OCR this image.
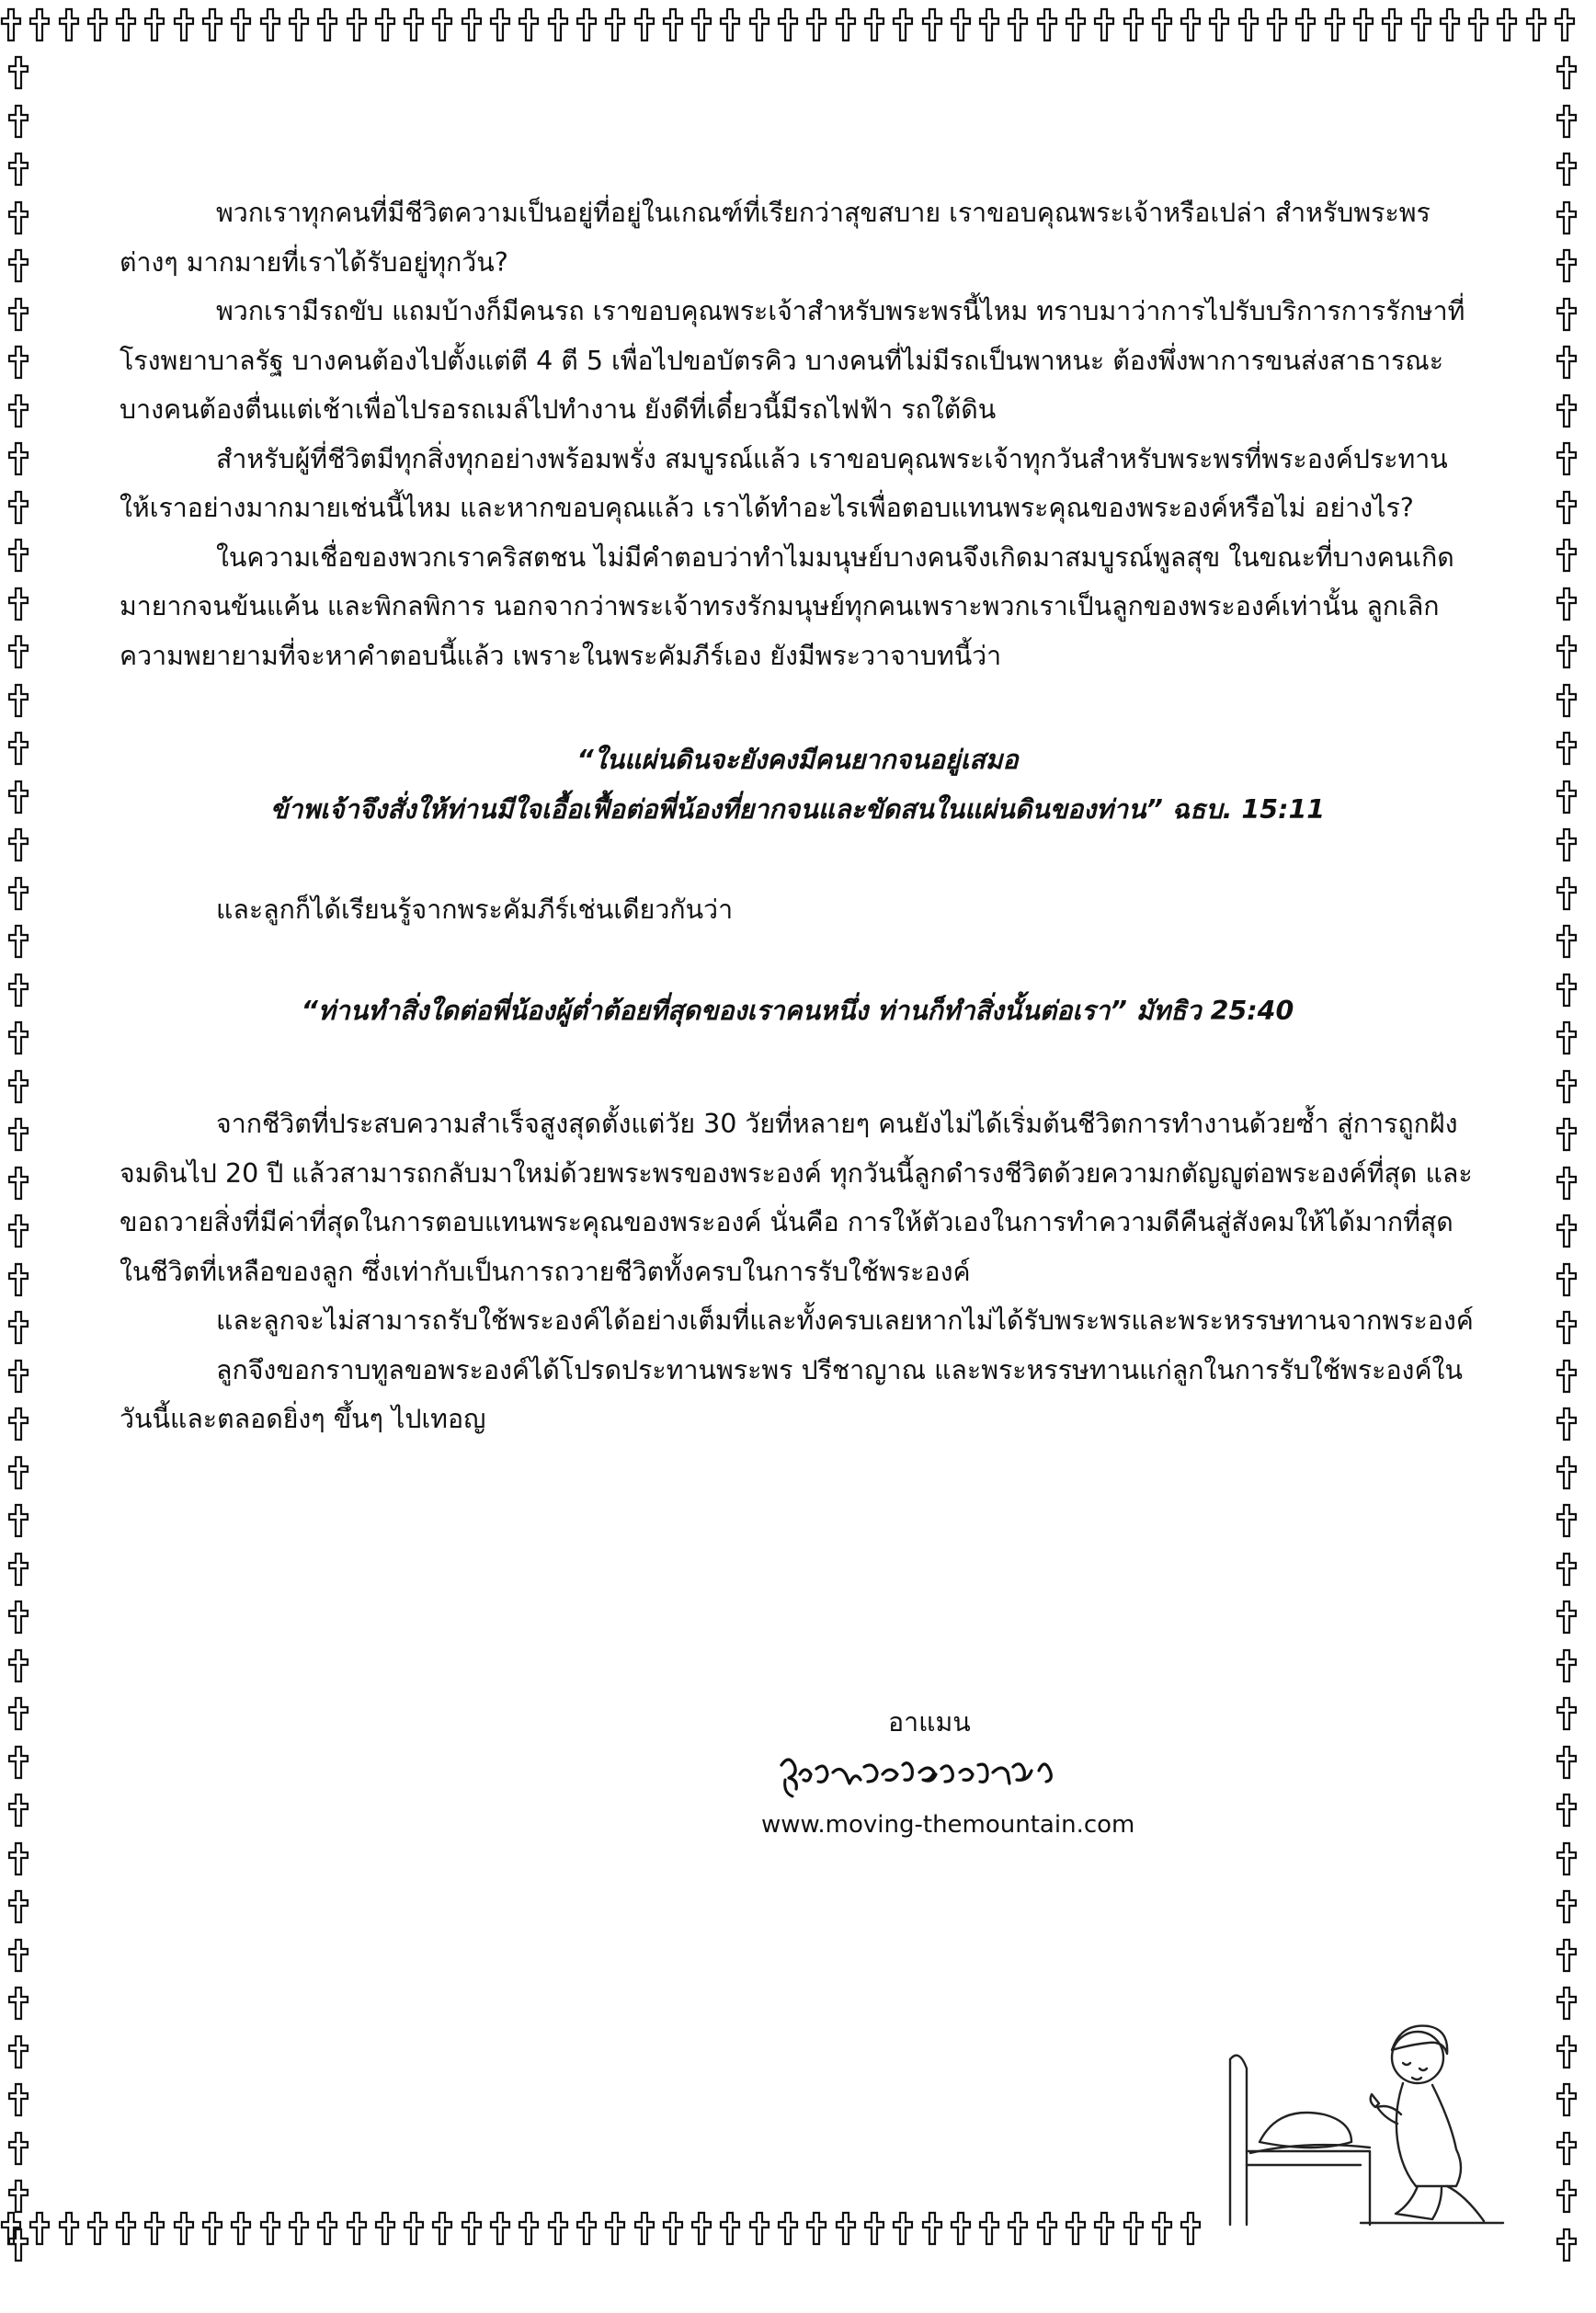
พวกเราทุกคนที่มีชีวิตความเป็นอยู่ที่อยู่ในเกณฑ์ที่เรียกว่าสุขสบาย เราขอบคุณพระเจ้าหรือเปล่า สำหรับพระพรต่างๆ มากมายที่เราได้รับอยู่ทุกวัน?

พวกเรามีรถขับ แถมบ้างก็มีคนรถ เราขอบคุณพระเจ้าสำหรับพระพรนี้ไหม ทราบมาว่าการไปรับบริการการรักษาที่โรงพยาบาลรัฐ บางคนต้องไปตั้งแต่ตี 4 ตี 5 เพื่อไปขอบัตรคิว บางคนที่ไม่มีรถเป็นพาหนะ ต้องพึ่งพาการขนส่งสาธารณะ บางคนต้องตื่นแต่เช้าเพื่อไปรอรถเมล์ไปทำงาน ยังดีที่เดี๋ยวนี้มีรถไฟฟ้า รถใต้ดิน

สำหรับผู้ที่ชีวิตมีทุกสิ่งทุกอย่างพร้อมพรั่ง สมบูรณ์แล้ว เราขอบคุณพระเจ้าทุกวันสำหรับพระพรที่พระองค์ประทานให้เราอย่างมากมายเช่นนี้ไหม และหากขอบคุณแล้ว เราได้ทำอะไรเพื่อตอบแทนพระคุณของพระองค์หรือไม่ อย่างไร?

ในความเชื่อของพวกเราคริสตชน ไม่มีคำตอบว่าทำไมมนุษย์บางคนจึงเกิดมาสมบูรณ์พูลสุข ในขณะที่บางคนเกิดมายากจนข้นแค้น และพิกลพิการ นอกจากว่าพระเจ้าทรงรักมนุษย์ทุกคนเพราะพวกเราเป็นลูกของพระองค์เท่านั้น ลูกเลิกความพยายามที่จะหาคำตอบนี้แล้ว เพราะในพระคัมภีร์เอง ยังมีพระวาจาบทนี้ว่า

“ในแผ่นดินจะยังคงมีคนยากจนอยู่เสมอ

ข้าพเจ้าจึงสั่งให้ท่านมีใจเอื้อเฟื้อต่อพี่น้องที่ยากจนและขัดสนในแผ่นดินของท่าน” ฉธบ. 15:11

และลูกก็ได้เรียนรู้จากพระคัมภีร์เช่นเดียวกันว่า

“ท่านทำสิ่งใดต่อพี่น้องผู้ต่ำต้อยที่สุดของเราคนหนึ่ง ท่านก็ทำสิ่งนั้นต่อเรา” มัทธิว 25:40

จากชีวิตที่ประสบความสำเร็จสูงสุดตั้งแต่วัย 30 วัยที่หลายๆ คนยังไม่ได้เริ่มต้นชีวิตการทำงานด้วยซ้ำ สู่การถูกฝังจมดินไป 20 ปี แล้วสามารถกลับมาใหม่ด้วยพระพรของพระองค์ ทุกวันนี้ลูกดำรงชีวิตด้วยความกตัญญูต่อพระองค์ที่สุด และขอถวายสิ่งที่มีค่าที่สุดในการตอบแทนพระคุณของพระองค์ นั่นคือ การให้ตัวเองในการทำความดีคืนสู่สังคมให้ได้มากที่สุดในชีวิตที่เหลือของลูก ซึ่งเท่ากับเป็นการถวายชีวิตทั้งครบในการรับใช้พระองค์

และลูกจะไม่สามารถรับใช้พระองค์ได้อย่างเต็มที่และทั้งครบเลยหากไม่ได้รับพระพรและพระหรรษทานจากพระองค์

ลูกจึงขอกราบทูลขอพระองค์ได้โปรดประทานพระพร ปรีชาญาณ และพระหรรษทานแก่ลูกในการรับใช้พระองค์ในวันนี้และตลอดยิ่งๆ ขึ้นๆ ไปเทอญ

อาแมน
www.moving-themountain.com
